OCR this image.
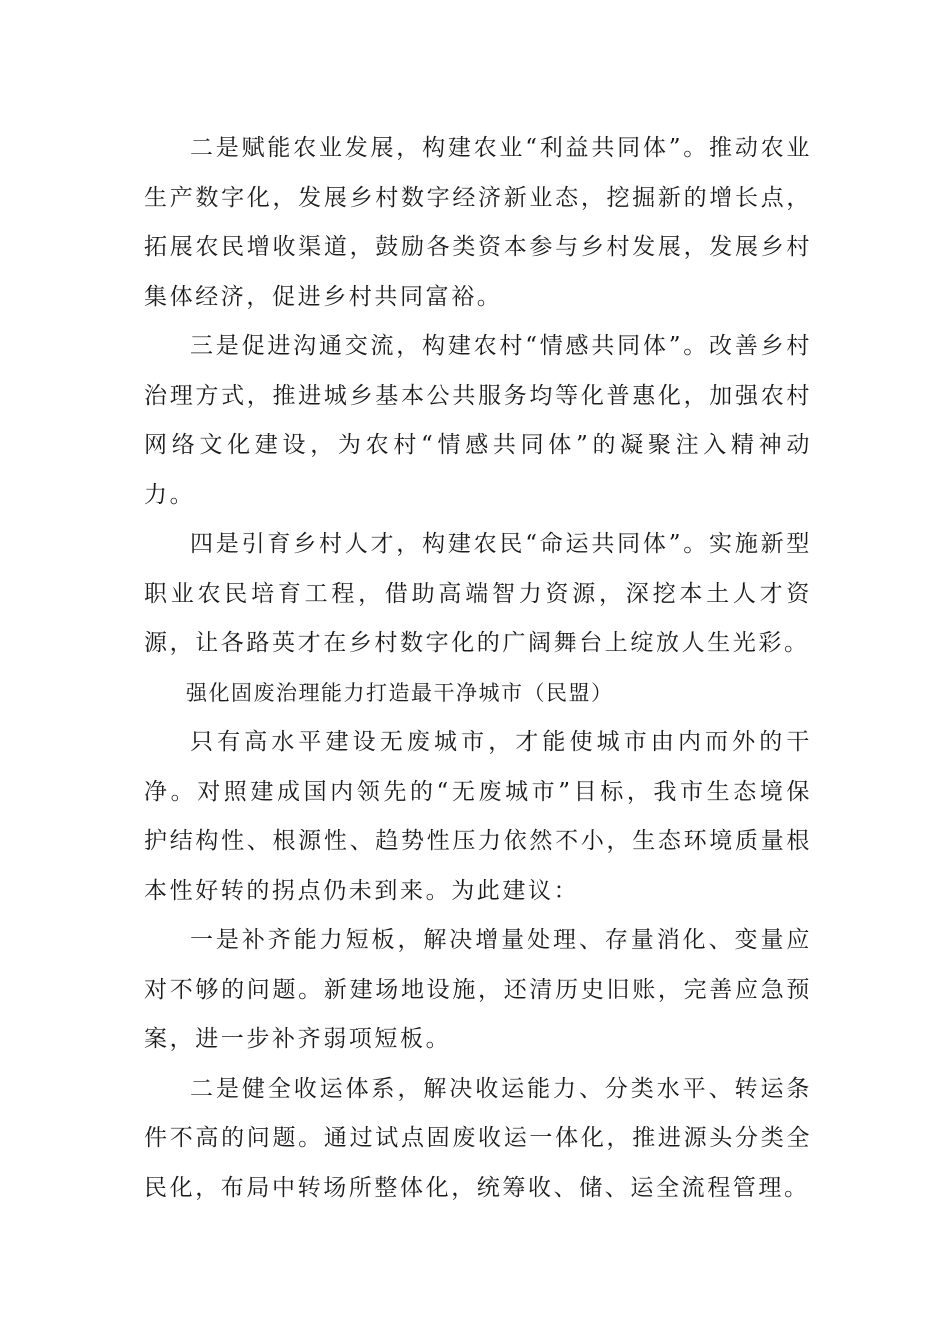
二是赋能农业发展，构建农业“利益共同体”。推动农业生产数字化，发展乡村数字经济新业态，挖掘新的增长点，拓展农民增收渠道，鼓励各类资本参与乡村发展，发展乡村集体经济，促进乡村共同富裕。

三是促进沟通交流，构建农村“情感共同体”。改善乡村治理方式，推进城乡基本公共服务均等化普惠化，加强农村网络文化建设，为农村“情感共同体”的凝聚注入精神动力。

四是引育乡村人才，构建农民“命运共同体”。实施新型职业农民培育工程，借助高端智力资源，深挖本土人才资源，让各路英才在乡村数字化的广阔舞台上绽放人生光彩。

强化固废治理能力打造最干净城市（民盟）

只有高水平建设无废城市，才能使城市由内而外的干净。对照建成国内领先的“无废城市”目标，我市生态境保护结构性、根源性、趋势性压力依然不小，生态环境质量根本性好转的拐点仍未到来。为此建议：

一是补齐能力短板，解决增量处理、存量消化、变量应对不够的问题。新建场地设施，还清历史旧账，完善应急预案，进一步补齐弱项短板。

二是健全收运体系，解决收运能力、分类水平、转运条件不高的问题。通过试点固废收运一体化，推进源头分类全民化，布局中转场所整体化，统筹收、储、运全流程管理。
